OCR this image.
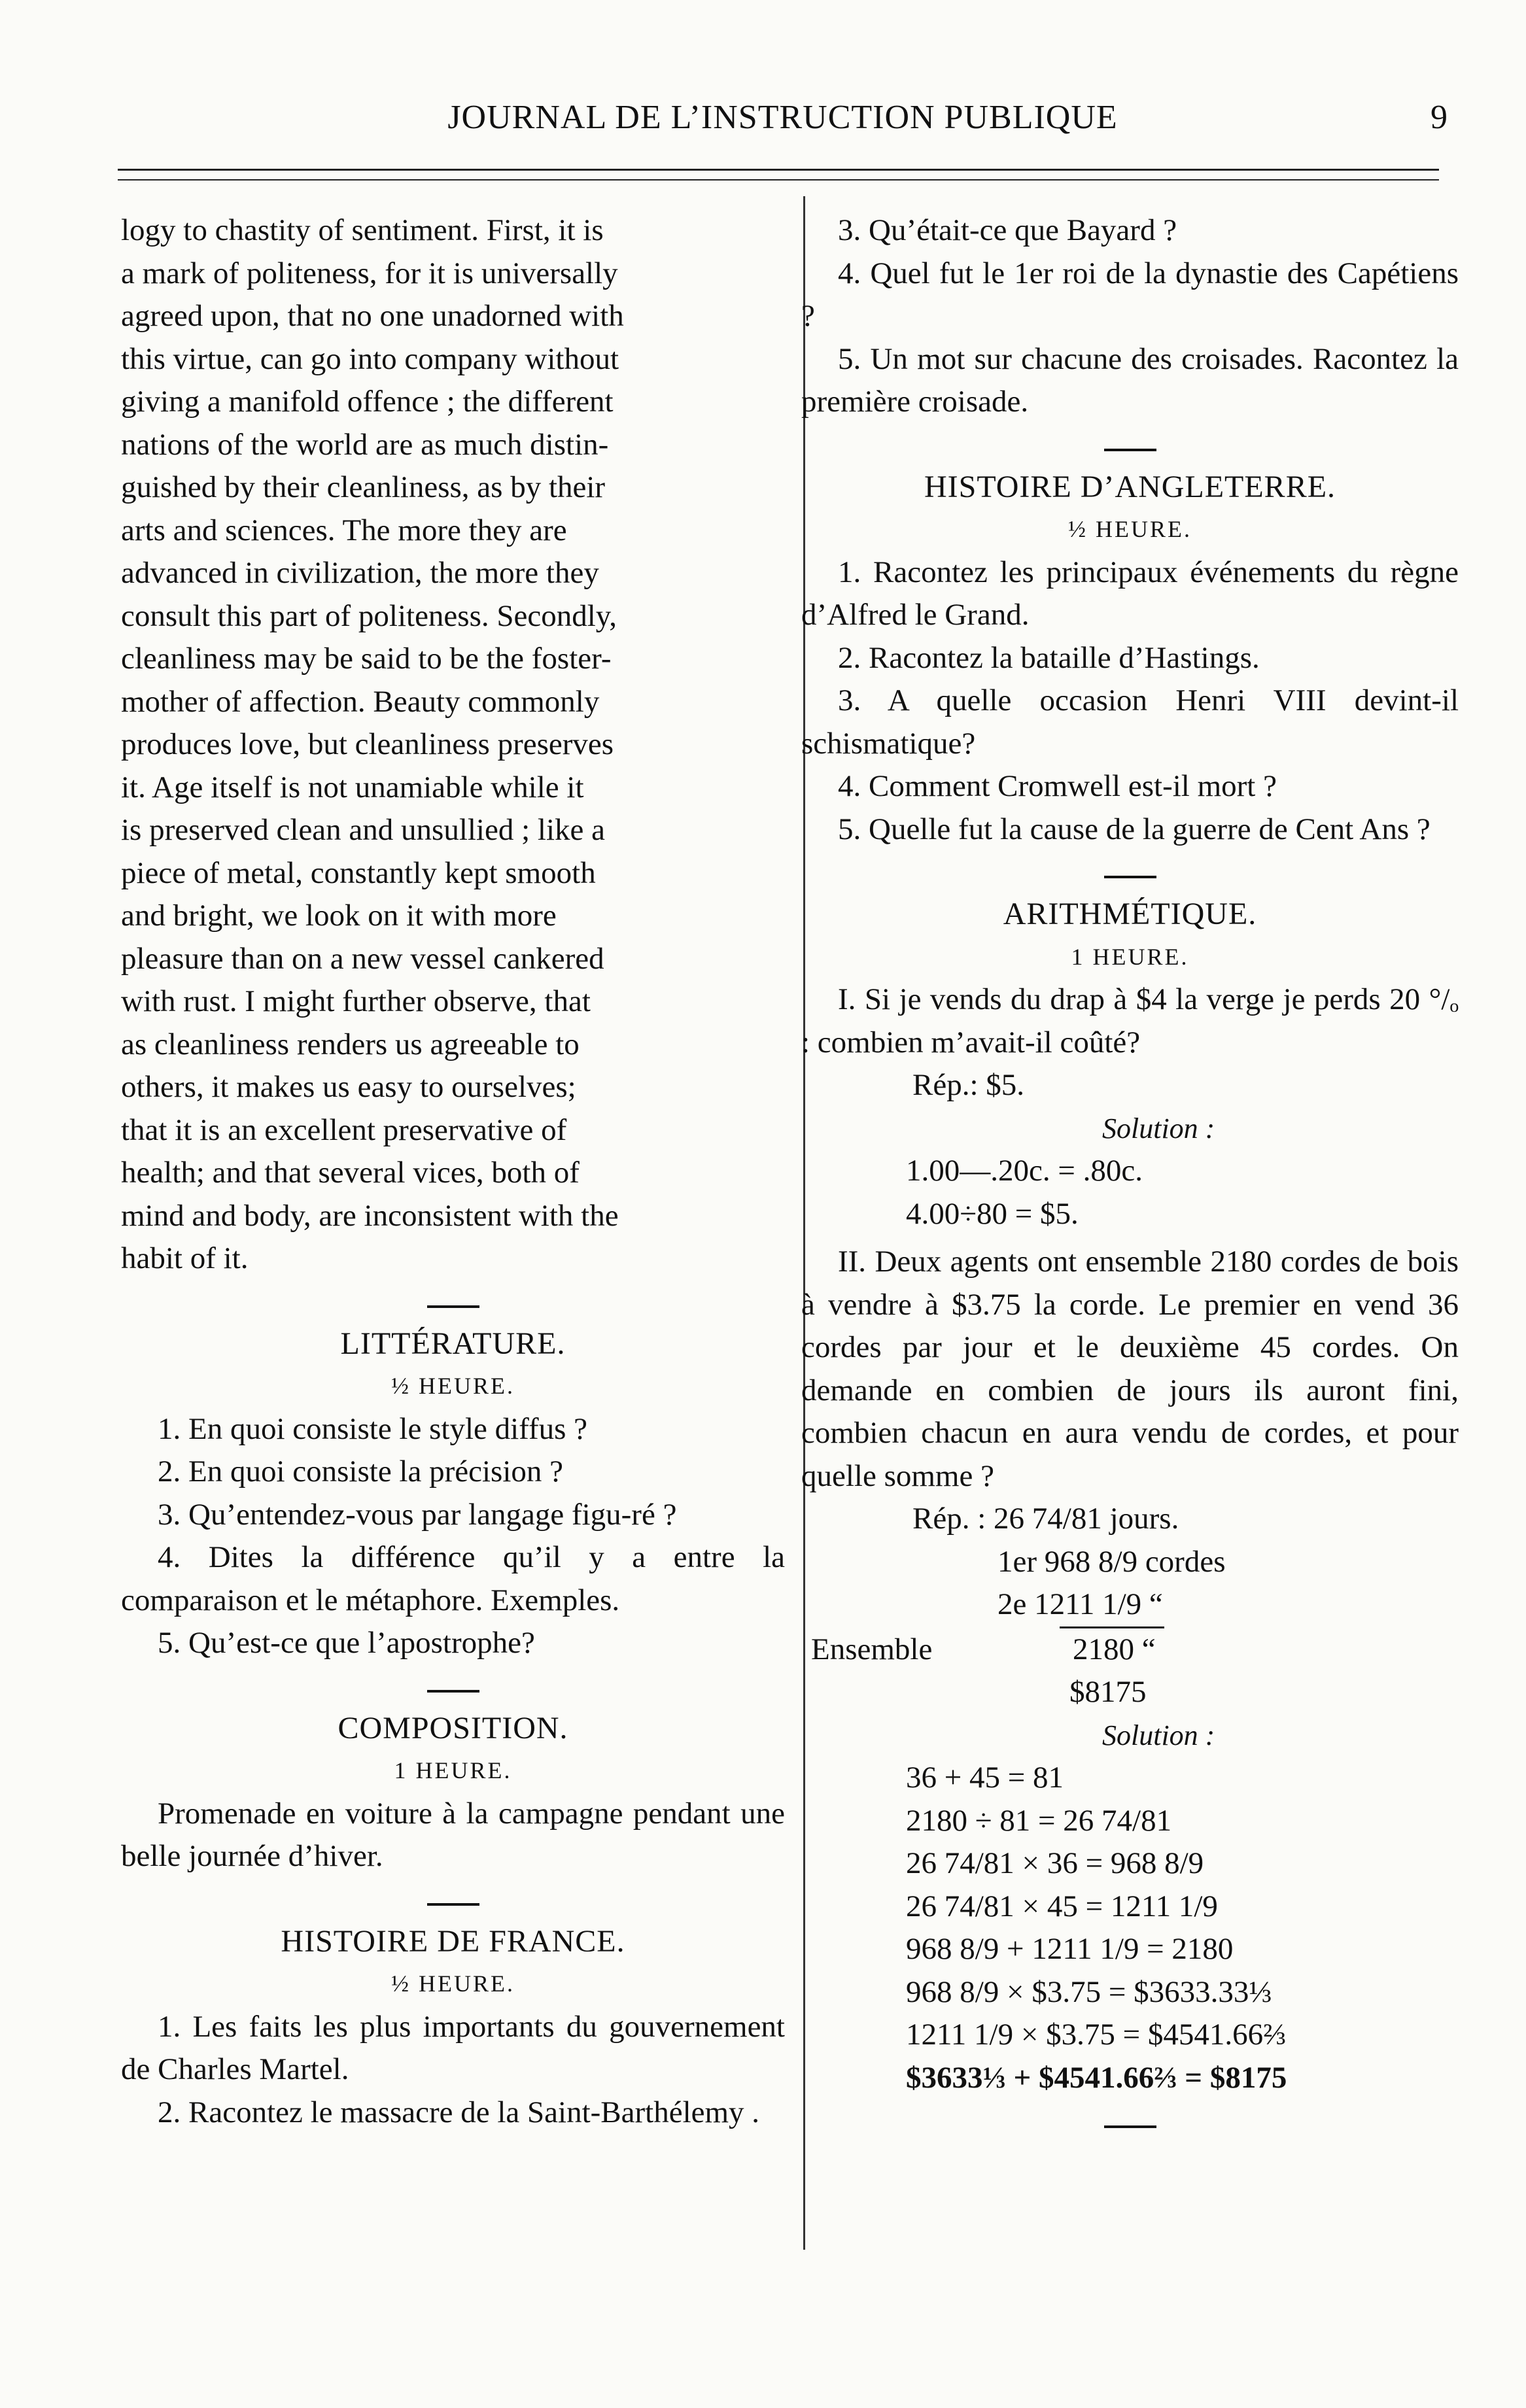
JOURNAL DE L’INSTRUCTION PUBLIQUE	9

logy to chastity of sentiment. First, it is

a mark of politeness, for it is universally

agreed upon, that no one unadorned with

this virtue, can go into company without

giving a manifold offence ; the different

nations of the world are as much distin-

guished by their cleanliness, as by their

arts and sciences. The more they are

advanced in civilization, the more they

consult this part of politeness. Secondly,

cleanliness may be said to be the foster-

mother of affection. Beauty commonly

produces love, but cleanliness preserves

it. Age itself is not unamiable while it

is preserved clean and unsullied ; like a

piece of metal, constantly kept smooth

and bright, we look on it with more

pleasure than on a new vessel cankered

with rust. I might further observe, that

as cleanliness renders us agreeable to

others, it makes us easy to ourselves;

that it is an excellent preservative of

health; and that several vices, both of

mind and body, are inconsistent with the

habit of it.

LITTÉRATURE.
½ HEURE.

1. En quoi consiste le style diffus ?

2. En quoi consiste la précision ?

3. Qu’entendez-vous par langage figu-ré ?

4. Dites la différence qu’il y a entre la comparaison et le métaphore. Exemples.

5. Qu’est-ce que l’apostrophe?

COMPOSITION.
1 HEURE.

Promenade en voiture à la campagne pendant une belle journée d’hiver.

HISTOIRE DE FRANCE.
½ HEURE.

1. Les faits les plus importants du gouvernement de Charles Martel.

2. Racontez le massacre de la Saint-Barthélemy .

3. Qu’était-ce que Bayard ?

4. Quel fut le 1er roi de la dynastie des Capétiens ?

5. Un mot sur chacune des croisades. Racontez la première croisade.

HISTOIRE D’ANGLETERRE.
½ HEURE.

1. Racontez les principaux événements du règne d’Alfred le Grand.

2. Racontez la bataille d’Hastings.

3. A quelle occasion Henri VIII devint-il schismatique?

4. Comment Cromwell est-il mort ?

5. Quelle fut la cause de la guerre de Cent Ans ?

ARITHMÉTIQUE.
1 HEURE.

I. Si je vends du drap à $4 la verge je perds 20 °/ₒ : combien m’avait-il coûté?

Rép.: $5.

Solution :

1.00—.20c. = .80c.

4.00÷80 = $5.

II. Deux agents ont ensemble 2180 cordes de bois à vendre à $3.75 la corde. Le premier en vend 36 cordes par jour et le deuxième 45 cordes. On demande en combien de jours ils auront fini, combien chacun en aura vendu de cordes, et pour quelle somme ?

Rép. : 26 74/81 jours.

1er 968 8/9 cordes

2e 1211 1/9 “

Ensemble	2180 “

$8175

Solution :

36 + 45 = 81

2180 ÷ 81 = 26 74/81

26 74/81 × 36 = 968 8/9

26 74/81 × 45 = 1211 1/9

968 8/9 + 1211 1/9 = 2180

968 8/9 × $3.75 = $3633.33⅓

1211 1/9 × $3.75 = $4541.66⅔

$3633⅓ + $4541.66⅔ = $8175
